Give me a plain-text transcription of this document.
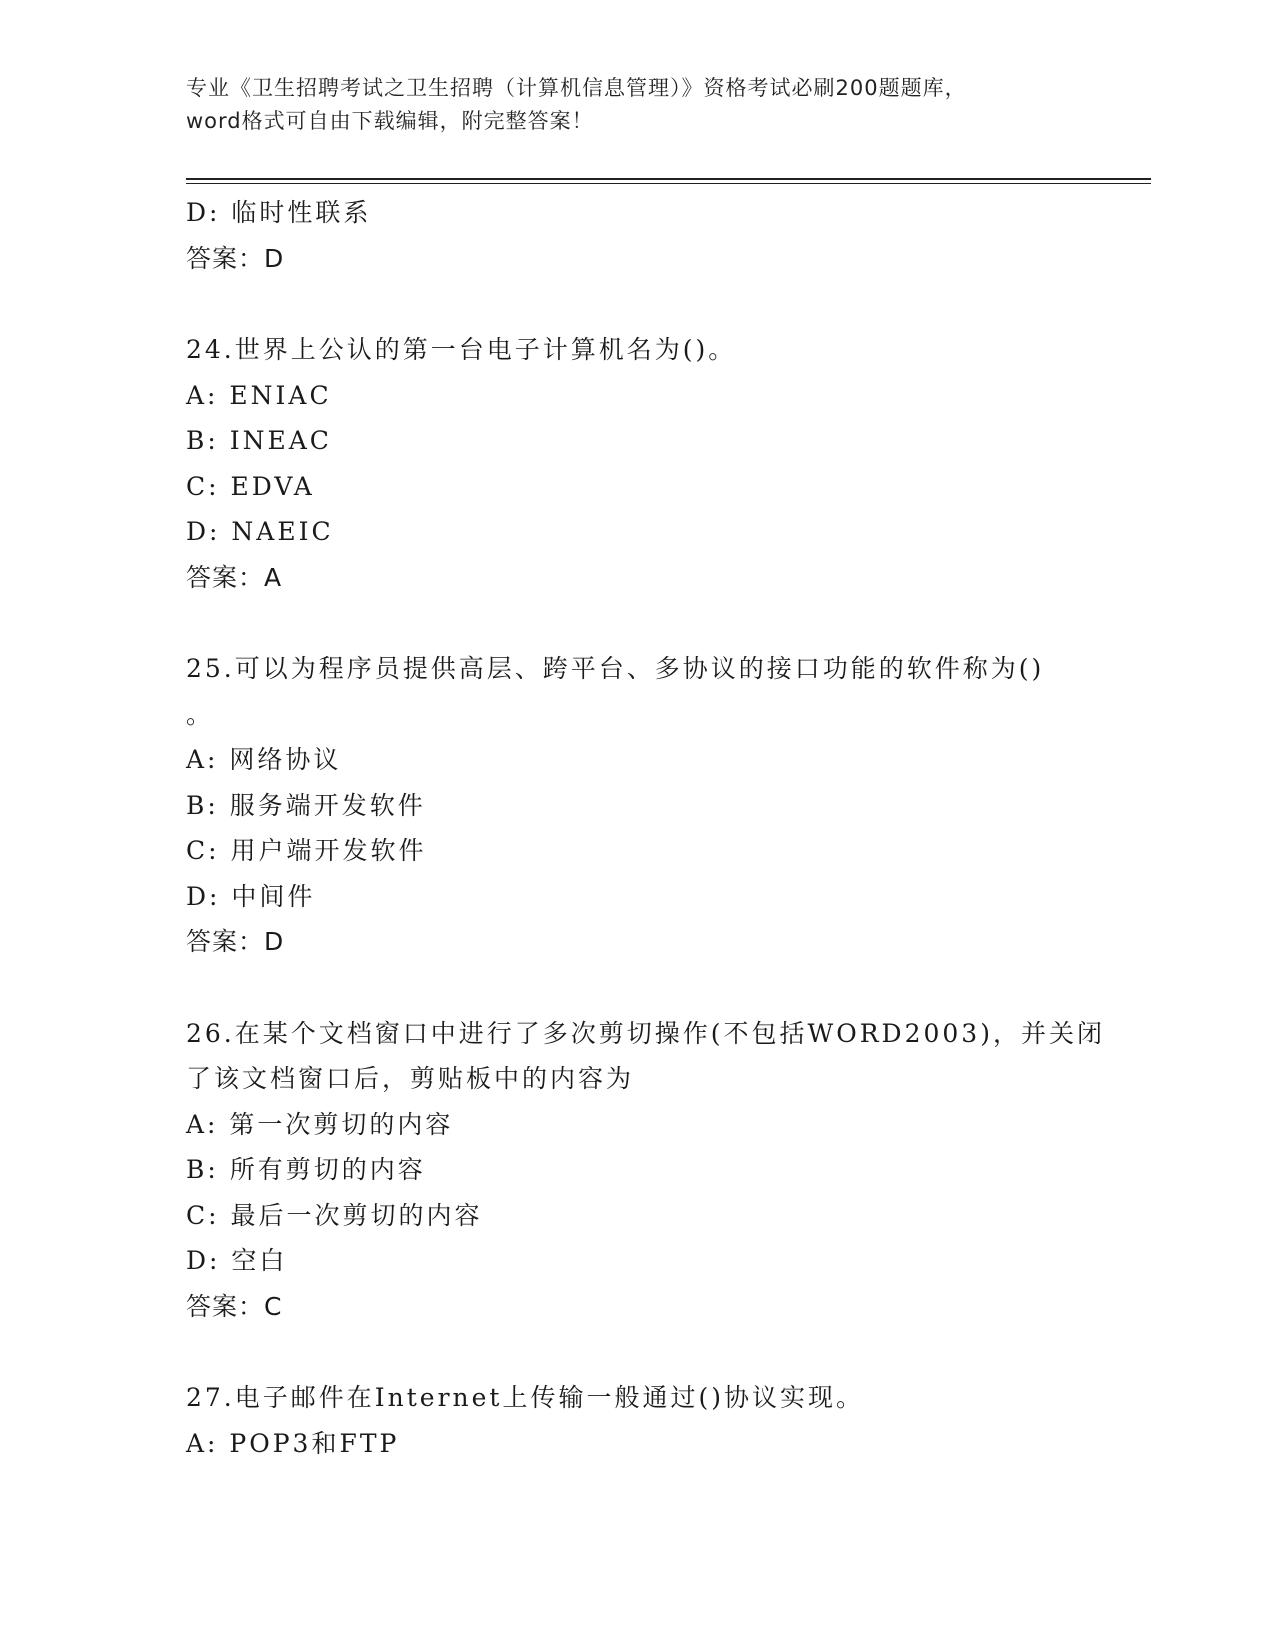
专业《卫生招聘考试之卫生招聘（计算机信息管理）》资格考试必刷200题题库，
word格式可自由下载编辑，附完整答案！
D: 临时性联系
答案：D
24.世界上公认的第一台电子计算机名为()。
A: ENIAC
B: INEAC
C: EDVA
D: NAEIC
答案：A
25.可以为程序员提供高层、跨平台、多协议的接口功能的软件称为()
。
A: 网络协议
B: 服务端开发软件
C: 用户端开发软件
D: 中间件
答案：D
26.在某个文档窗口中进行了多次剪切操作(不包括WORD2003)，并关闭
了该文档窗口后，剪贴板中的内容为
A: 第一次剪切的内容
B: 所有剪切的内容
C: 最后一次剪切的内容
D: 空白
答案：C
27.电子邮件在Internet上传输一般通过()协议实现。
A: POP3和FTP
